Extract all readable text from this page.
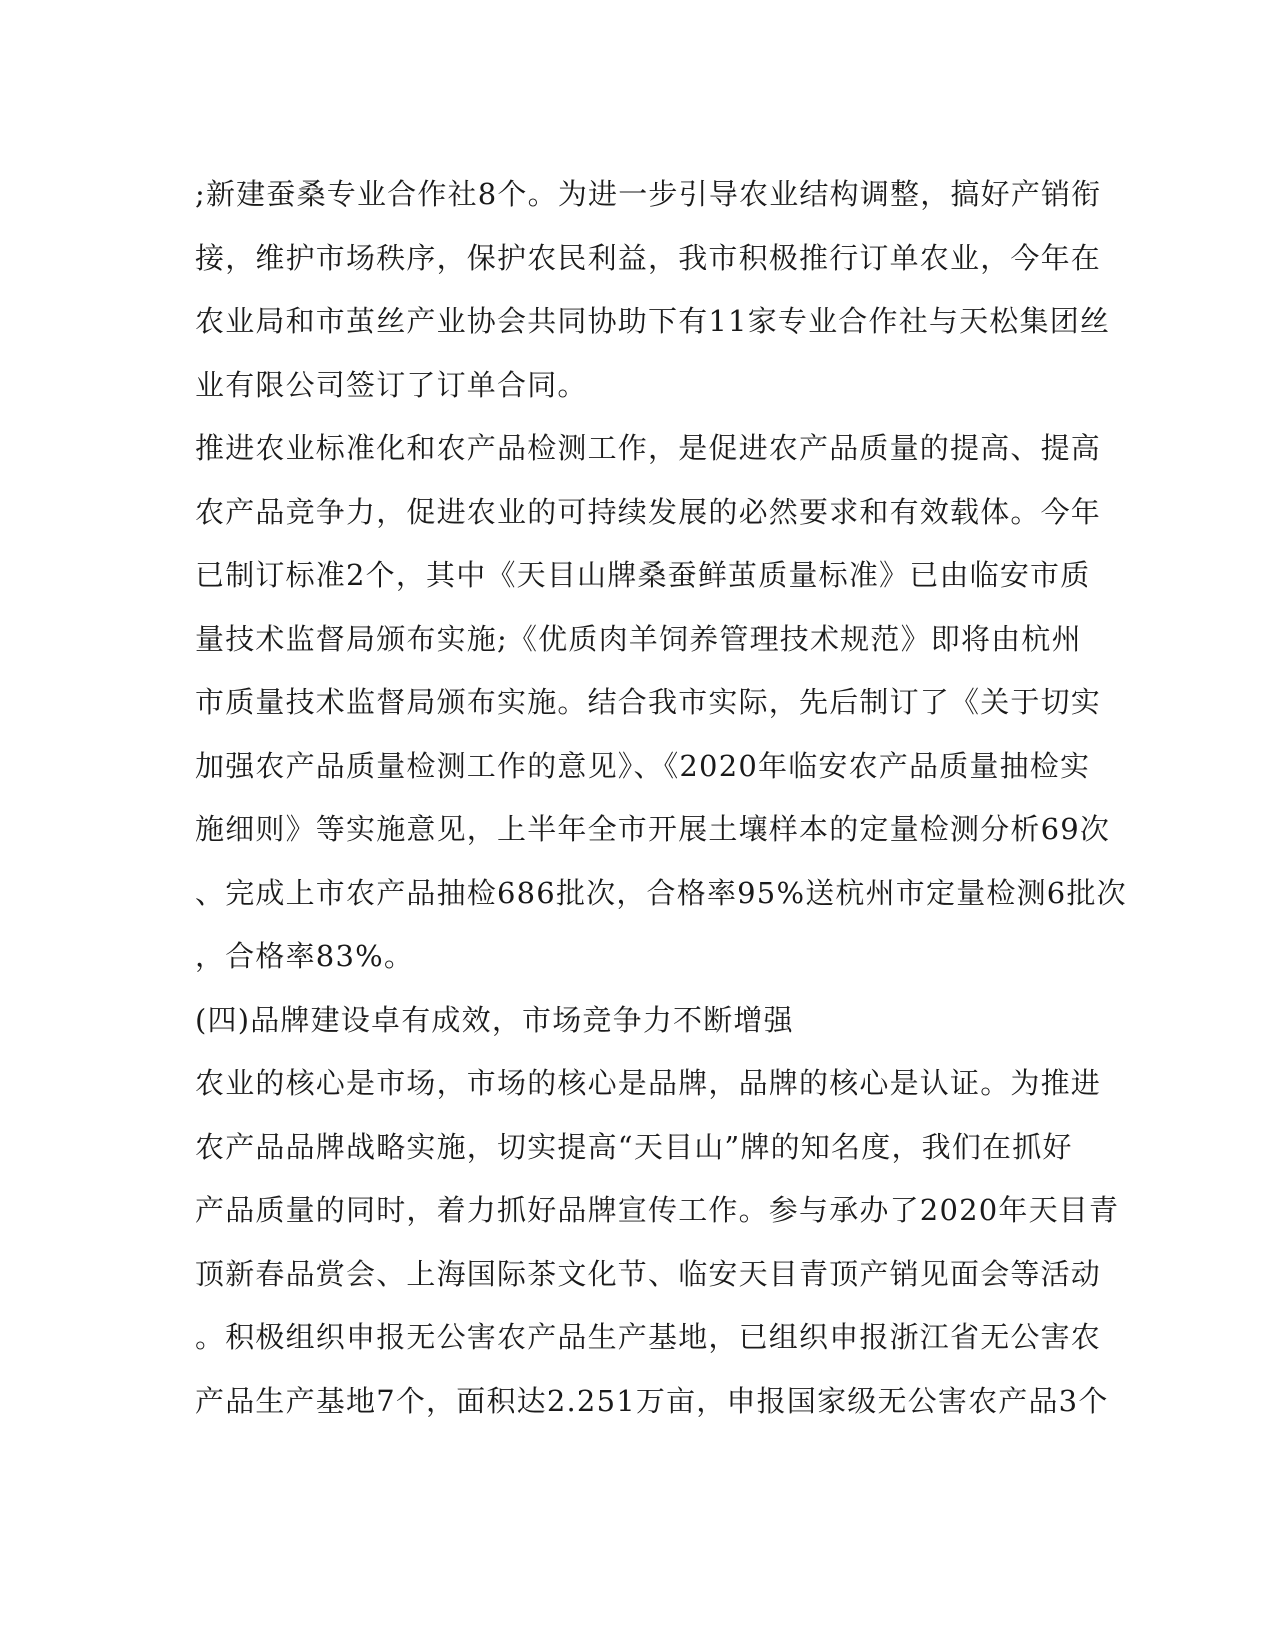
;新建蚕桑专业合作社8个。为进一步引导农业结构调整，搞好产销衔
接，维护市场秩序，保护农民利益，我市积极推行订单农业，今年在
农业局和市茧丝产业协会共同协助下有11家专业合作社与天松集团丝
业有限公司签订了订单合同。
推进农业标准化和农产品检测工作，是促进农产品质量的提高、提高
农产品竞争力，促进农业的可持续发展的必然要求和有效载体。今年
已制订标准2个，其中《天目山牌桑蚕鲜茧质量标准》已由临安市质
量技术监督局颁布实施;《优质肉羊饲养管理技术规范》即将由杭州
市质量技术监督局颁布实施。结合我市实际，先后制订了《关于切实
加强农产品质量检测工作的意见》、《2020年临安农产品质量抽检实
施细则》等实施意见，上半年全市开展土壤样本的定量检测分析69次
、完成上市农产品抽检686批次，合格率95%送杭州市定量检测6批次
，合格率83%。
(四)品牌建设卓有成效，市场竞争力不断增强
农业的核心是市场，市场的核心是品牌，品牌的核心是认证。为推进
农产品品牌战略实施，切实提高“天目山”牌的知名度，我们在抓好
产品质量的同时，着力抓好品牌宣传工作。参与承办了2020年天目青
顶新春品赏会、上海国际茶文化节、临安天目青顶产销见面会等活动
。积极组织申报无公害农产品生产基地，已组织申报浙江省无公害农
产品生产基地7个，面积达2.251万亩，申报国家级无公害农产品3个
